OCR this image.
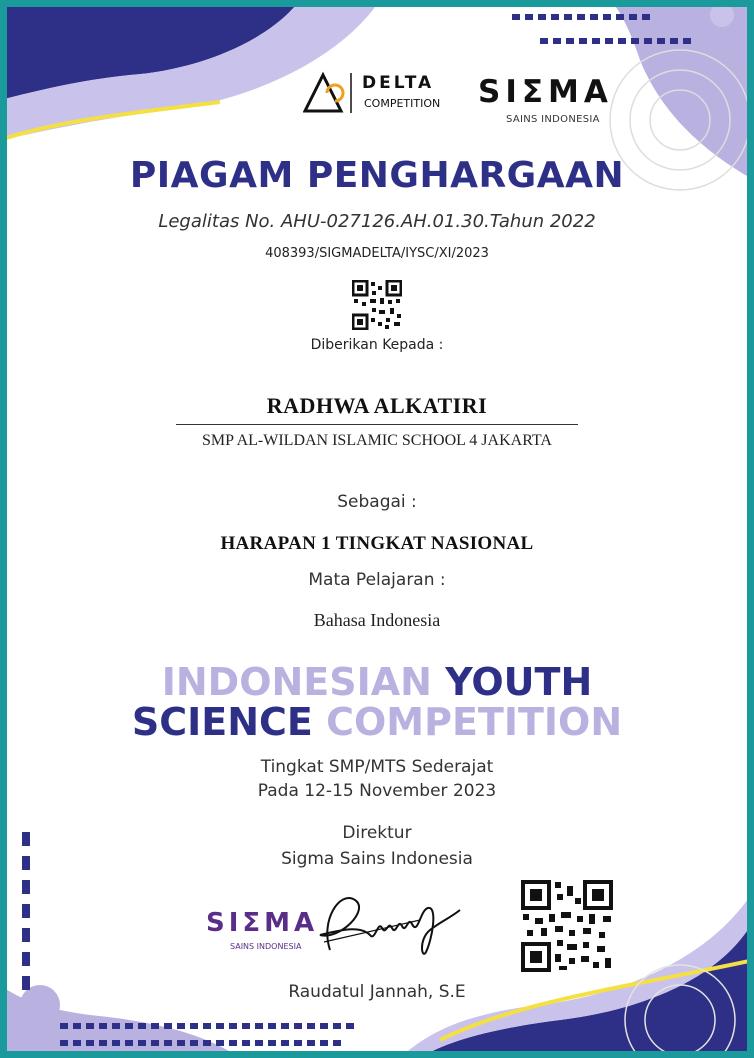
DELTA
COMPETITION SIΣMA
SAINS INDONESIA
PIAGAM PENGHARGAAN
Legalitas No. AHU-027126.AH.01.30.Tahun 2022
408393/SIGMADELTA/IYSC/XI/2023
Diberikan Kepada :
RADHWA ALKATIRI
SMP AL-WILDAN ISLAMIC SCHOOL 4 JAKARTA
Sebagai :
HARAPAN 1 TINGKAT NASIONAL
Mata Pelajaran :
Bahasa Indonesia
INDONESIAN YOUTH
SCIENCE COMPETITION
Tingkat SMP/MTS Sederajat
Pada 12-15 November 2023
Direktur
Sigma Sains Indonesia
SIΣMA
SAINS INDONESIA
Raudatul Jannah, S.E
